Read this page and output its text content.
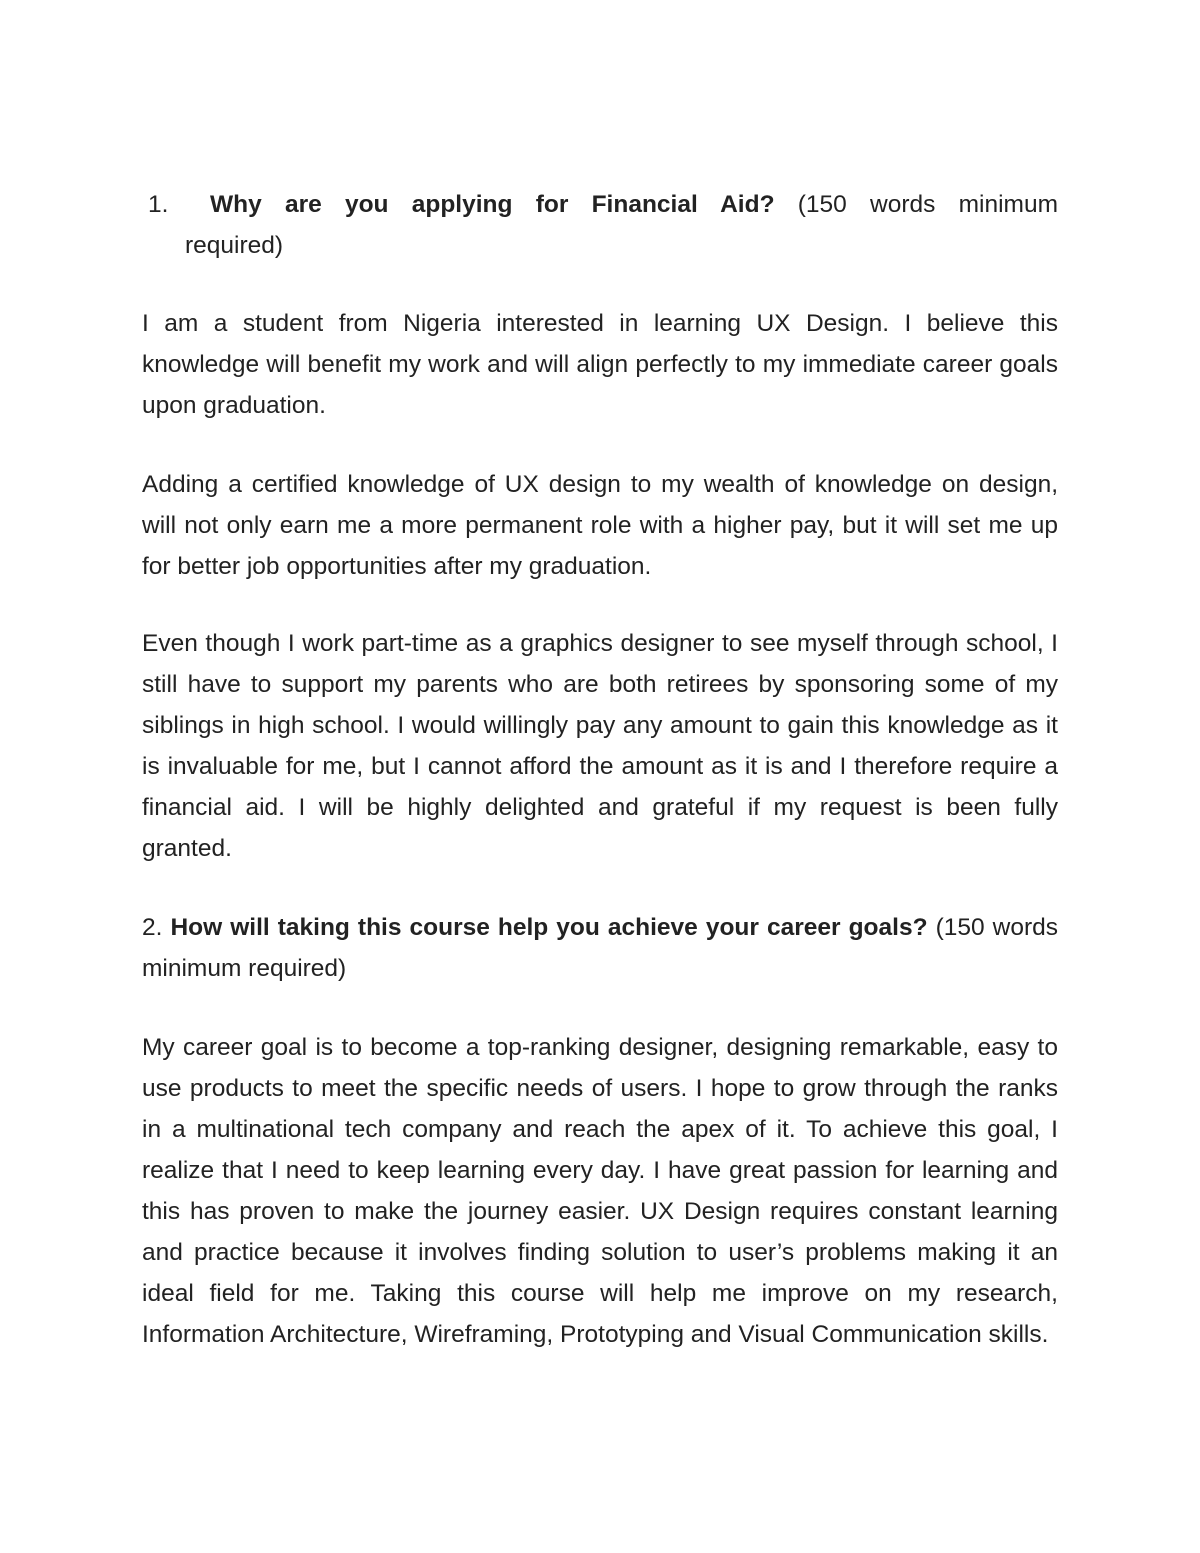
1.	Why are you applying for Financial Aid? (150 words minimum
required)

I am a student from Nigeria interested in learning UX Design. I believe this knowledge will benefit my work and will align perfectly to my immediate career goals upon graduation.

Adding a certified knowledge of UX design to my wealth of knowledge on design, will not only earn me a more permanent role with a higher pay, but it will set me up for better job opportunities after my graduation.

Even though I work part-time as a graphics designer to see myself through school, I still have to support my parents who are both retirees by sponsoring some of my siblings in high school. I would willingly pay any amount to gain this knowledge as it is invaluable for me, but I cannot afford the amount as it is and I therefore require a financial aid. I will be highly delighted and grateful if my request is been fully granted.

2. How will taking this course help you achieve your career goals? (150 words minimum required)

My career goal is to become a top-ranking designer, designing remarkable, easy to use products to meet the specific needs of users. I hope to grow through the ranks in a multinational tech company and reach the apex of it. To achieve this goal, I realize that I need to keep learning every day. I have great passion for learning and this has proven to make the journey easier. UX Design requires constant learning and practice because it involves finding solution to user’s problems making it an ideal field for me. Taking this course will help me improve on my research, Information Architecture, Wireframing, Prototyping and Visual Communication skills.
